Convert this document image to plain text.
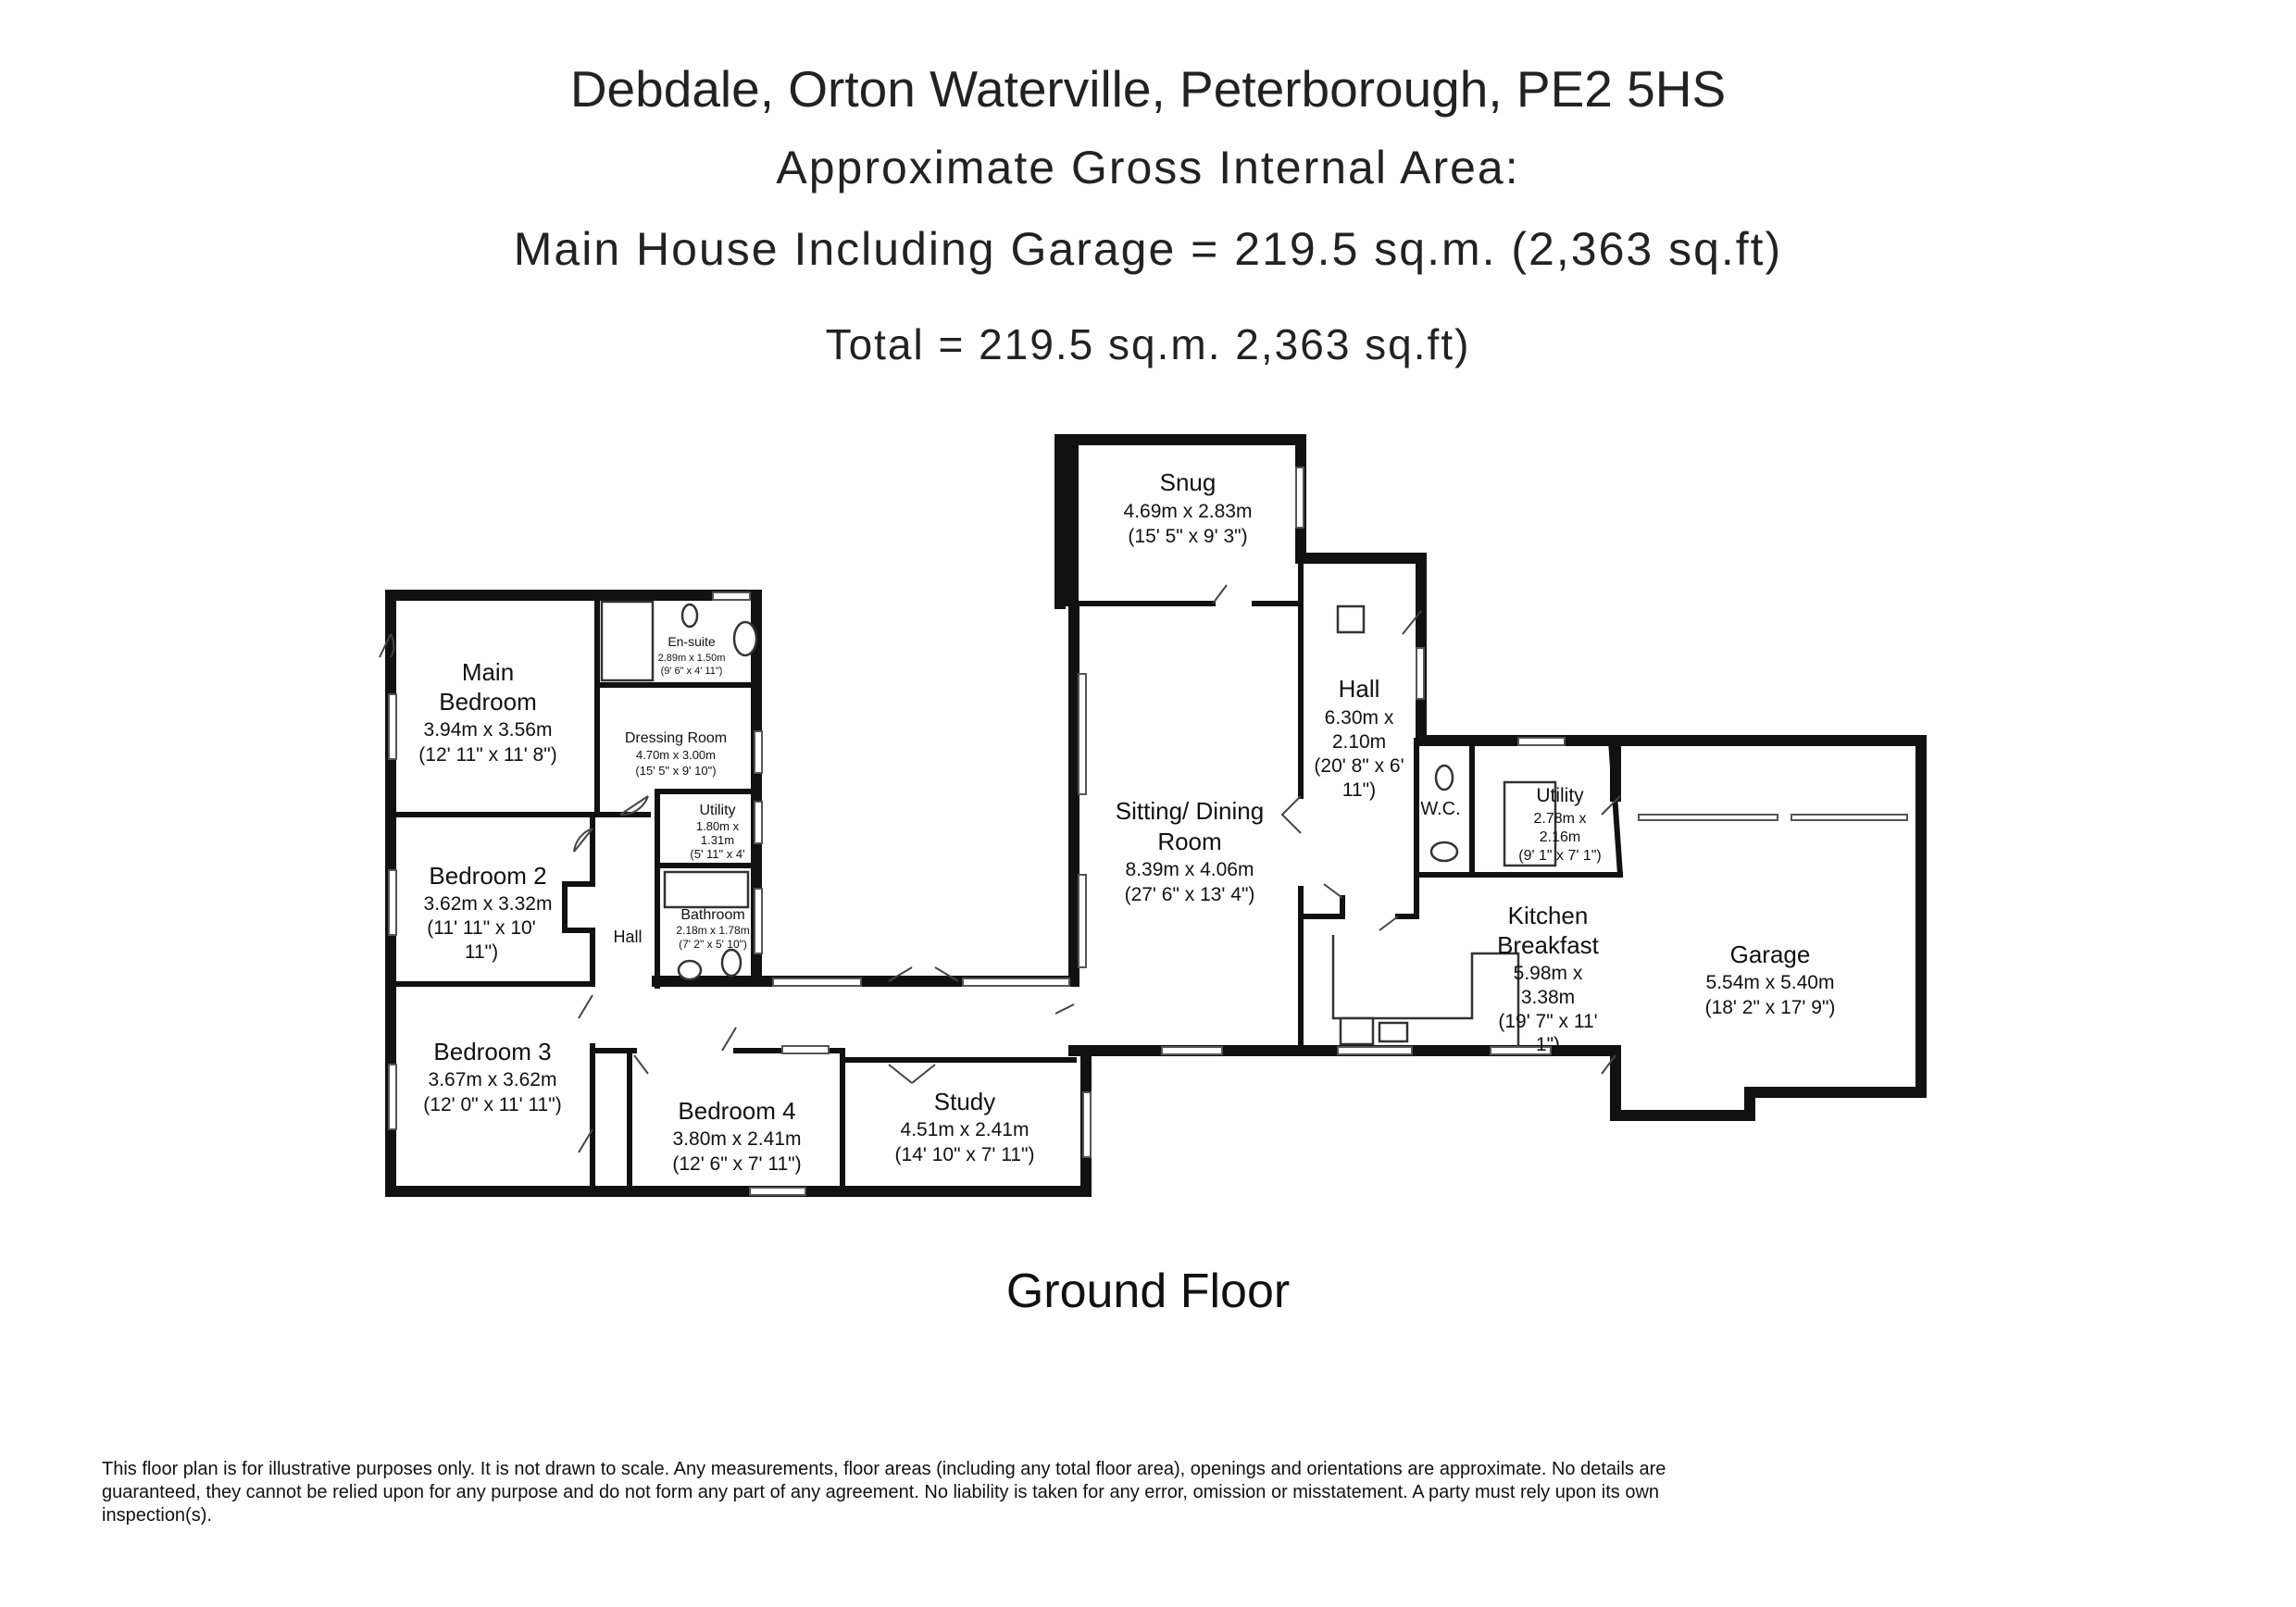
Debdale, Orton Waterville, Peterborough, PE2 5HS
Approximate Gross Internal Area:
Main House Including Garage = 219.5 sq.m. (2,363 sq.ft)
Total = 219.5 sq.m. 2,363 sq.ft)
Main
Bedroom
3.94m x 3.56m
(12' 11" x 11' 8")
En-suite
2.89m x 1.50m
(9' 6" x 4' 11")
Dressing Room
4.70m x 3.00m
(15' 5" x 9' 10")
Utility
1.80m x
1.31m
(5' 11" x 4'
Bathroom
2.18m x 1.78m
(7' 2" x 5' 10")
Bedroom 2
3.62m x 3.32m
(11' 11" x 10'
11")
Hall
Bedroom 3
3.67m x 3.62m
(12' 0" x 11' 11")	Bedroom 4
3.80m x 2.41m
(12' 6" x 7' 11")
Study
4.51m x 2.41m
(14' 10" x 7' 11")
Snug
4.69m x 2.83m
(15' 5" x 9' 3")
Sitting/ Dining
Room
8.39m x 4.06m
(27' 6" x 13' 4")
Hall
6.30m x
2.10m
(20' 8" x 6'
11")
W.C.
Utility
2.78m x
2.16m
(9' 1" x 7' 1")
Kitchen
Breakfast
5.98m x
3.38m
(19' 7" x 11'
1")
Garage
5.54m x 5.40m
(18' 2" x 17' 9")
Ground Floor
This floor plan is for illustrative purposes only. It is not drawn to scale. Any measurements, floor areas (including any total floor area), openings and orientations are approximate. No details are guaranteed, they cannot be relied upon for any purpose and do not form any part of any agreement. No liability is taken for any error, omission or misstatement. A party must rely upon its own inspection(s).
